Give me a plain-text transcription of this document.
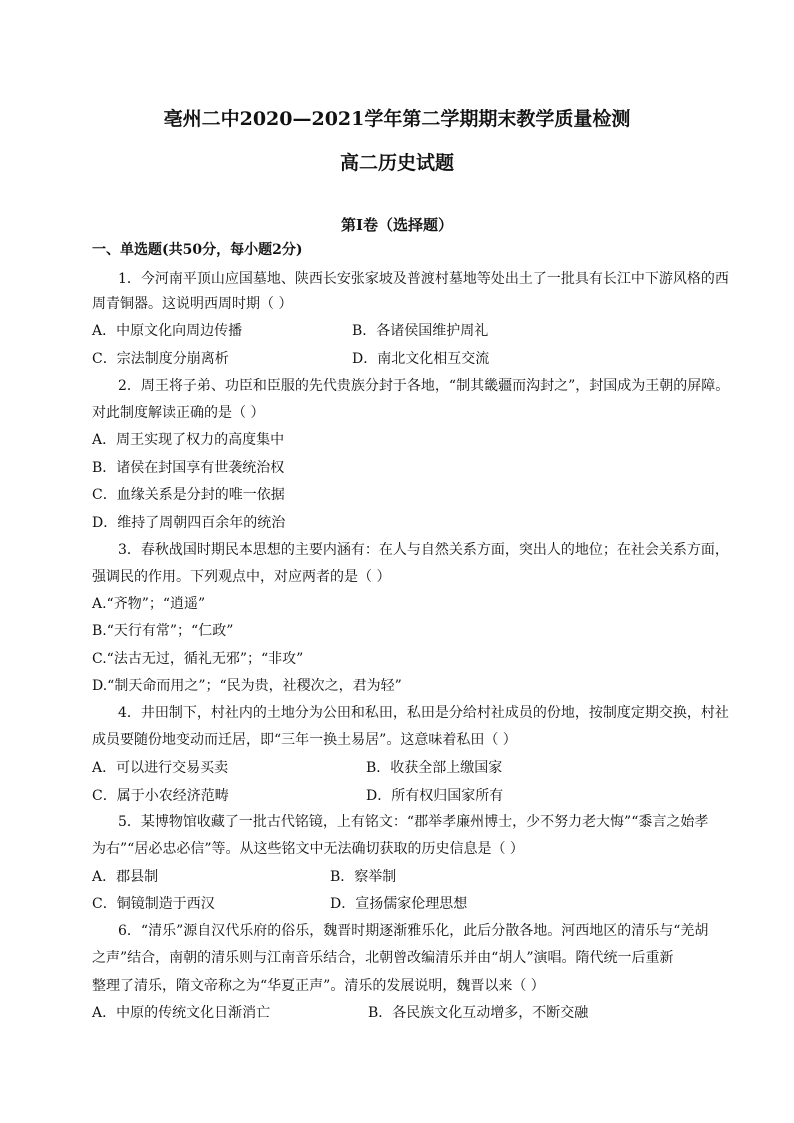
亳州二中2020—2021学年第二学期期末教学质量检测
高二历史试题
第Ⅰ卷（选择题）
一、单选题(共50分，每小题2分)
1．今河南平顶山应国墓地、陕西长安张家坡及普渡村墓地等处出土了一批具有长江中下游风格的西
周青铜器。这说明西周时期（ ）
A．中原文化向周边传播	B．各诸侯国维护周礼
C．宗法制度分崩离析	D．南北文化相互交流
2．周王将子弟、功臣和臣服的先代贵族分封于各地，“制其畿疆而沟封之”，封国成为王朝的屏障。
对此制度解读正确的是（ ）
A．周王实现了权力的高度集中
B．诸侯在封国享有世袭统治权
C．血缘关系是分封的唯一依据
D．维持了周朝四百余年的统治
3．春秋战国时期民本思想的主要内涵有：在人与自然关系方面，突出人的地位；在社会关系方面，
强调民的作用。下列观点中，对应两者的是（ ）
A.“齐物”；“逍遥”
B.“天行有常”；“仁政”
C.“法古无过，循礼无邪”；“非攻”
D.“制天命而用之”；“民为贵，社稷次之，君为轻”
4．井田制下，村社内的土地分为公田和私田，私田是分给村社成员的份地，按制度定期交换，村社
成员要随份地变动而迁居，即“三年一换土易居”。这意味着私田（ ）
A．可以进行交易买卖	B．收获全部上缴国家
C．属于小农经济范畴	D．所有权归国家所有
5．某博物馆收藏了一批古代铭镜，上有铭文：“郡举孝廉州博士，少不努力老大悔”“黍言之始孝
为右”“居必忠必信”等。从这些铭文中无法确切获取的历史信息是（ ）
A．郡县制	B．察举制
C．铜镜制造于西汉	D．宣扬儒家伦理思想
6．“清乐”源自汉代乐府的俗乐，魏晋时期逐渐雅乐化，此后分散各地。河西地区的清乐与“羌胡
之声”结合，南朝的清乐则与江南音乐结合，北朝曾改编清乐并由“胡人”演唱。隋代统一后重新
整理了清乐，隋文帝称之为“华夏正声”。清乐的发展说明，魏晋以来（ ）
A．中原的传统文化日渐消亡	B．各民族文化互动增多，不断交融
